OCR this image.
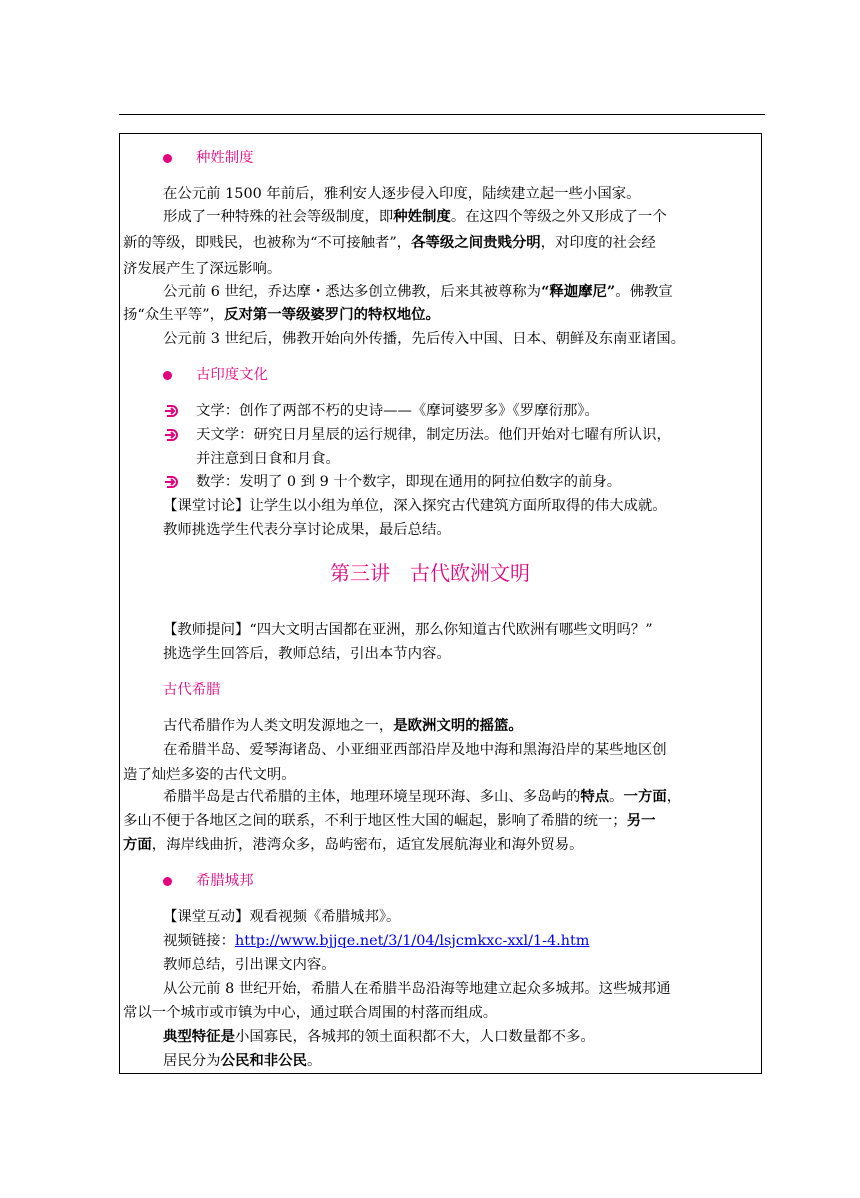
种姓制度
在公元前 1500 年前后，雅利安人逐步侵入印度，陆续建立起一些小国家。
形成了一种特殊的社会等级制度，即种姓制度。在这四个等级之外又形成了一个
新的等级，即贱民，也被称为“不可接触者”，各等级之间贵贱分明，对印度的社会经
济发展产生了深远影响。
公元前 6 世纪，乔达摩・悉达多创立佛教，后来其被尊称为“释迦摩尼”。佛教宣
扬“众生平等”，反对第一等级婆罗门的特权地位。
公元前 3 世纪后，佛教开始向外传播，先后传入中国、日本、朝鲜及东南亚诸国。
古印度文化
文学：创作了两部不朽的史诗——《摩诃婆罗多》《罗摩衍那》。
天文学：研究日月星辰的运行规律，制定历法。他们开始对七曜有所认识，
并注意到日食和月食。
数学：发明了 0 到 9 十个数字，即现在通用的阿拉伯数字的前身。
【课堂讨论】让学生以小组为单位，深入探究古代建筑方面所取得的伟大成就。
教师挑选学生代表分享讨论成果，最后总结。
第三讲　古代欧洲文明
【教师提问】“四大文明古国都在亚洲，那么你知道古代欧洲有哪些文明吗？”
挑选学生回答后，教师总结，引出本节内容。
古代希腊
古代希腊作为人类文明发源地之一，是欧洲文明的摇篮。
在希腊半岛、爱琴海诸岛、小亚细亚西部沿岸及地中海和黑海沿岸的某些地区创
造了灿烂多姿的古代文明。
希腊半岛是古代希腊的主体，地理环境呈现环海、多山、多岛屿的特点。一方面，
多山不便于各地区之间的联系，不利于地区性大国的崛起，影响了希腊的统一；另一
方面，海岸线曲折，港湾众多，岛屿密布，适宜发展航海业和海外贸易。
希腊城邦
【课堂互动】观看视频《希腊城邦》。
视频链接：http://www.bjjqe.net/3/1/04/lsjcmkxc-xxl/1-4.htm
教师总结，引出课文内容。
从公元前 8 世纪开始，希腊人在希腊半岛沿海等地建立起众多城邦。这些城邦通
常以一个城市或市镇为中心，通过联合周围的村落而组成。
典型特征是小国寡民，各城邦的领土面积都不大，人口数量都不多。
居民分为公民和非公民。
